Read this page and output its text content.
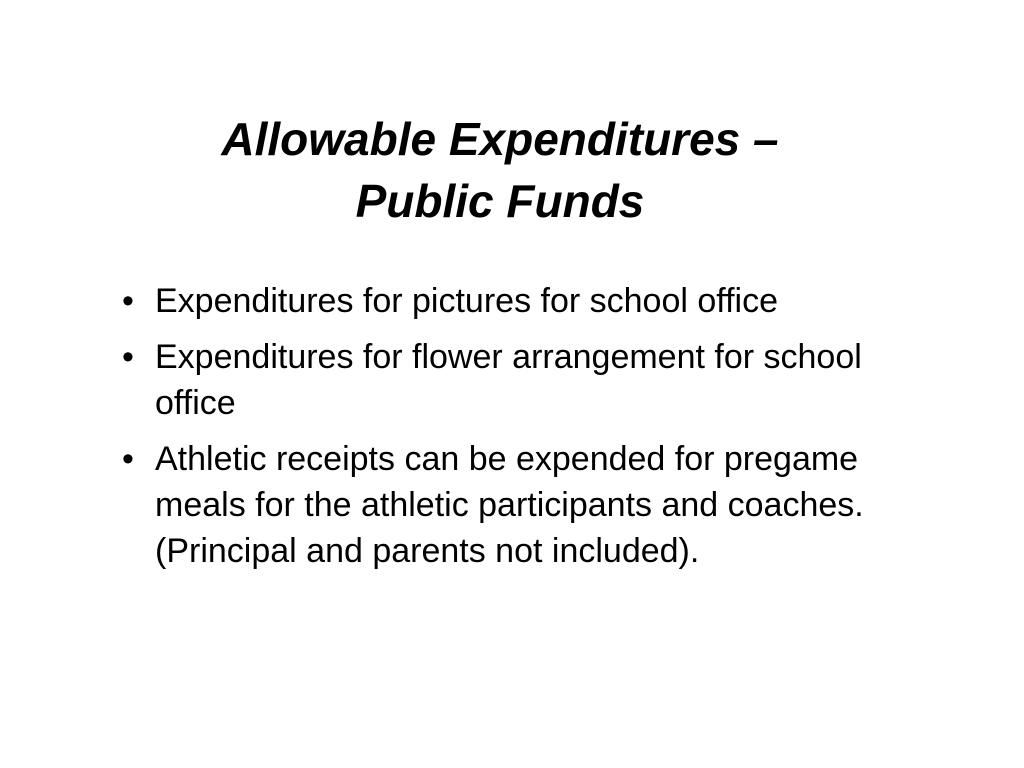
Allowable Expenditures –
Public Funds
• Expenditures for pictures for school office
• Expenditures for flower arrangement for school office
• Athletic receipts can be expended for pregame meals for the athletic participants and coaches. (Principal and parents not included).
